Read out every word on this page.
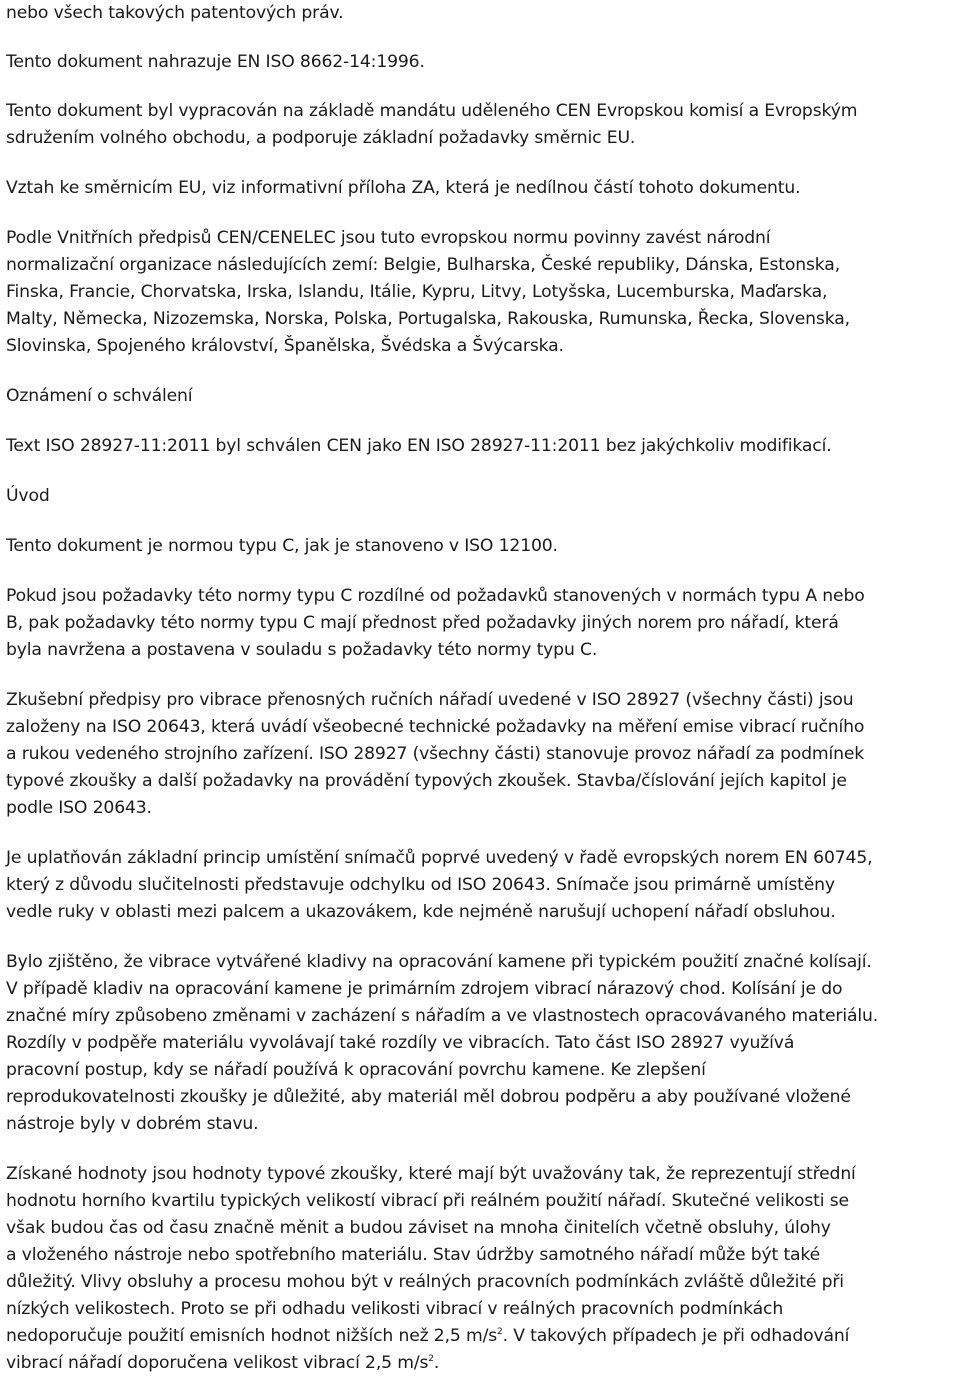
nebo všech takových patentových práv.
Tento dokument nahrazuje EN ISO 8662-14:1996.
Tento dokument byl vypracován na základě mandátu uděleného CEN Evropskou komisí a Evropským
sdružením volného obchodu, a podporuje základní požadavky směrnic EU.
Vztah ke směrnicím EU, viz informativní příloha ZA, která je nedílnou částí tohoto dokumentu.
Podle Vnitřních předpisů CEN/CENELEC jsou tuto evropskou normu povinny zavést národní
normalizační organizace následujících zemí: Belgie, Bulharska, České republiky, Dánska, Estonska,
Finska, Francie, Chorvatska, Irska, Islandu, Itálie, Kypru, Litvy, Lotyšska, Lucemburska, Maďarska,
Malty, Německa, Nizozemska, Norska, Polska, Portugalska, Rakouska, Rumunska, Řecka, Slovenska,
Slovinska, Spojeného království, Španělska, Švédska a Švýcarska.
Oznámení o schválení
Text ISO 28927-11:2011 byl schválen CEN jako EN ISO 28927-11:2011 bez jakýchkoliv modifikací.
Úvod
Tento dokument je normou typu C, jak je stanoveno v ISO 12100.
Pokud jsou požadavky této normy typu C rozdílné od požadavků stanovených v normách typu A nebo
B, pak požadavky této normy typu C mají přednost před požadavky jiných norem pro nářadí, která
byla navržena a postavena v souladu s požadavky této normy typu C.
Zkušební předpisy pro vibrace přenosných ručních nářadí uvedené v ISO 28927 (všechny části) jsou
založeny na ISO 20643, která uvádí všeobecné technické požadavky na měření emise vibrací ručního
a rukou vedeného strojního zařízení. ISO 28927 (všechny části) stanovuje provoz nářadí za podmínek
typové zkoušky a další požadavky na provádění typových zkoušek. Stavba/číslování jejích kapitol je
podle ISO 20643.
Je uplatňován základní princip umístění snímačů poprvé uvedený v řadě evropských norem EN 60745,
který z důvodu slučitelnosti představuje odchylku od ISO 20643. Snímače jsou primárně umístěny
vedle ruky v oblasti mezi palcem a ukazovákem, kde nejméně narušují uchopení nářadí obsluhou.
Bylo zjištěno, že vibrace vytvářené kladivy na opracování kamene při typickém použití značné kolísají.
V případě kladiv na opracování kamene je primárním zdrojem vibrací nárazový chod. Kolísání je do
značné míry způsobeno změnami v zacházení s nářadím a ve vlastnostech opracovávaného materiálu.
Rozdíly v podpěře materiálu vyvolávají také rozdíly ve vibracích. Tato část ISO 28927 využívá
pracovní postup, kdy se nářadí používá k opracování povrchu kamene. Ke zlepšení
reprodukovatelnosti zkoušky je důležité, aby materiál měl dobrou podpěru a aby používané vložené
nástroje byly v dobrém stavu.
Získané hodnoty jsou hodnoty typové zkoušky, které mají být uvažovány tak, že reprezentují střední
hodnotu horního kvartilu typických velikostí vibrací při reálném použití nářadí. Skutečné velikosti se
však budou čas od času značně měnit a budou záviset na mnoha činitelích včetně obsluhy, úlohy
a vloženého nástroje nebo spotřebního materiálu. Stav údržby samotného nářadí může být také
důležitý. Vlivy obsluhy a procesu mohou být v reálných pracovních podmínkách zvláště důležité při
nízkých velikostech. Proto se při odhadu velikosti vibrací v reálných pracovních podmínkách
nedoporučuje použití emisních hodnot nižších než 2,5 $m/s^2$. V takových případech je při odhadování
vibrací nářadí doporučena velikost vibrací 2,5 $m/s^2$.
